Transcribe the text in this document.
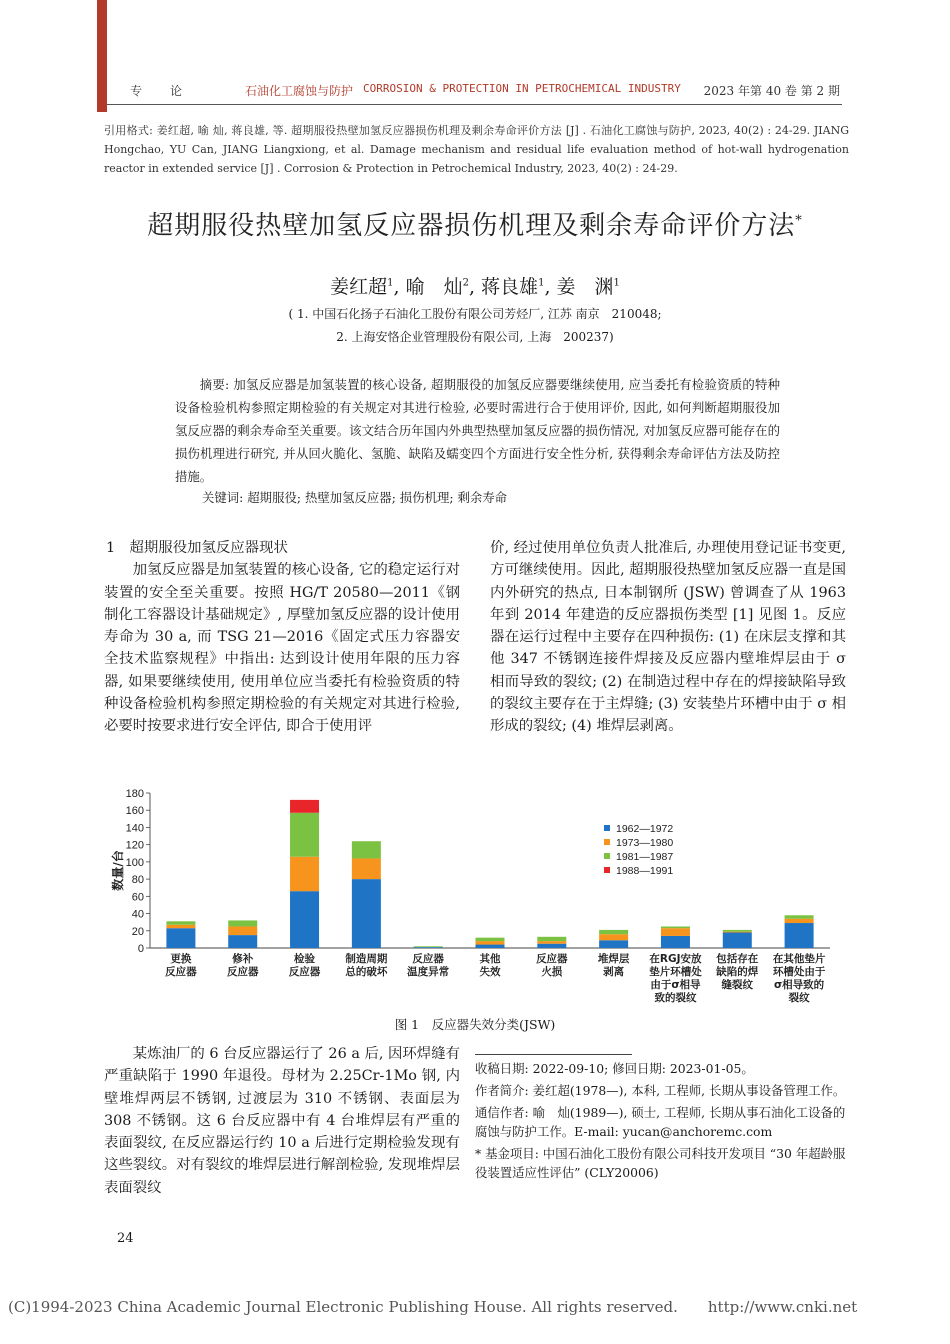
专论	石油化工腐蚀与防护 CORROSION & PROTECTION IN PETROCHEMICAL INDUSTRY 2023 年第 40 卷 第 2 期
引用格式: 姜红超, 喻 灿, 蒋良雄, 等. 超期服役热壁加氢反应器损伤机理及剩余寿命评价方法 [J] . 石油化工腐蚀与防护, 2023, 40(2) : 24-29. JIANG Hongchao, YU Can, JIANG Liangxiong, et al. Damage mechanism and residual life evaluation method of hot-wall hydrogenation reactor in extended service [J] . Corrosion & Protection in Petrochemical Industry, 2023, 40(2) : 24-29.
超期服役热壁加氢反应器损伤机理及剩余寿命评价方法*
姜红超$^1$, 喻　灿$^2$, 蒋良雄$^1$, 姜　渊$^1$
( 1. 中国石化扬子石油化工股份有限公司芳烃厂, 江苏 南京　210048;
2. 上海安恪企业管理股份有限公司, 上海　200237)

摘要: 加氢反应器是加氢装置的核心设备, 超期服役的加氢反应器要继续使用, 应当委托有检验资质的特种设备检验机构参照定期检验的有关规定对其进行检验, 必要时需进行合于使用评价, 因此, 如何判断超期服役加氢反应器的剩余寿命至关重要。该文结合历年国内外典型热壁加氢反应器的损伤情况, 对加氢反应器可能存在的损伤机理进行研究, 并从回火脆化、氢脆、缺陷及蠕变四个方面进行安全性分析, 获得剩余寿命评估方法及防控措施。

关键词: 超期服役; 热壁加氢反应器; 损伤机理; 剩余寿命

1　超期服役加氢反应器现状

加氢反应器是加氢装置的核心设备, 它的稳定运行对装置的安全至关重要。按照 HG/T 20580—2011《钢制化工容器设计基础规定》, 厚壁加氢反应器的设计使用寿命为 30 a, 而 TSG 21—2016《固定式压力容器安全技术监察规程》中指出: 达到设计使用年限的压力容器, 如果要继续使用, 使用单位应当委托有检验资质的特种设备检验机构参照定期检验的有关规定对其进行检验, 必要时按要求进行安全评估, 即合于使用评

价, 经过使用单位负责人批准后, 办理使用登记证书变更, 方可继续使用。因此, 超期服役热壁加氢反应器一直是国内外研究的热点, 日本制钢所 (JSW) 曾调查了从 1963 年到 2014 年建造的反应器损伤类型 [1] 见图 1。反应器在运行过程中主要存在四种损伤: (1) 在床层支撑和其他 347 不锈钢连接件焊接及反应器内壁堆焊层由于 σ 相而导致的裂纹; (2) 在制造过程中存在的焊接缺陷导致的裂纹主要存在于主焊缝; (3) 安装垫片环槽中由于 σ 相形成的裂纹; (4) 堆焊层剥离。

0
20
40
60
80
100
120
140
160
180
数量/台
更换
反应器
修补
反应器
检验
反应器
制造周期
总的破坏
反应器
温度异常
其他
失效
反应器
火损
堆焊层
剥离
在RGJ安放
垫片环槽处
由于σ相导
致的裂纹
包括存在
缺陷的焊
缝裂纹
在其他垫片
环槽处由于
σ相导致的
裂纹
1962—1972
1973—1980
1981—1987
1988—1991
图 1　反应器失效分类(JSW)

某炼油厂的 6 台反应器运行了 26 a 后, 因环焊缝有严重缺陷于 1990 年退役。母材为 2.25Cr-1Mo 钢, 内壁堆焊两层不锈钢, 过渡层为 310 不锈钢、表面层为 308 不锈钢。这 6 台反应器中有 4 台堆焊层有严重的表面裂纹, 在反应器运行约 10 a 后进行定期检验发现有这些裂纹。对有裂纹的堆焊层进行解剖检验, 发现堆焊层表面裂纹

收稿日期: 2022-09-10; 修回日期: 2023-01-05。

作者简介: 姜红超(1978—), 本科, 工程师, 长期从事设备管理工作。

通信作者: 喻　灿(1989—), 硕士, 工程师, 长期从事石油化工设备的腐蚀与防护工作。E-mail: yucan@anchoremc.com

* 基金项目: 中国石油化工股份有限公司科技开发项目 “30 年超龄服役装置适应性评估” (CLY20006)

24
(C)1994-2023 China Academic Journal Electronic Publishing House. All rights reserved.　　http://www.cnki.net
